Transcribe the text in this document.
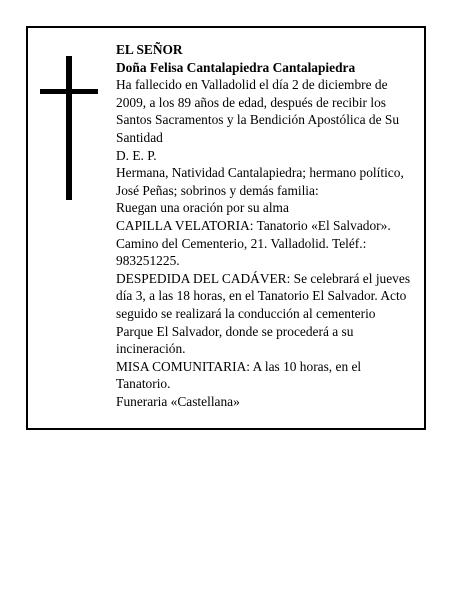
EL SEÑOR

Doña Felisa Cantalapiedra Cantalapiedra

Ha fallecido en Valladolid el día 2 de diciembre de 2009, a los 89 años de edad, después de recibir los Santos Sacramentos y la Bendición Apostólica de Su Santidad

D. E. P.

Hermana, Natividad Cantalapiedra; hermano político, José Peñas; sobrinos y demás familia:

Ruegan una oración por su alma

CAPILLA VELATORIA: Tanatorio «El Salvador». Camino del Cementerio, 21. Valladolid. Teléf.: 983251225.

DESPEDIDA DEL CADÁVER: Se celebrará el jueves día 3, a las 18 horas, en el Tanatorio El Salvador. Acto seguido se realizará la conducción al cementerio Parque El Salvador, donde se procederá a su incineración.

MISA COMUNITARIA: A las 10 horas, en el Tanatorio.

Funeraria «Castellana»
